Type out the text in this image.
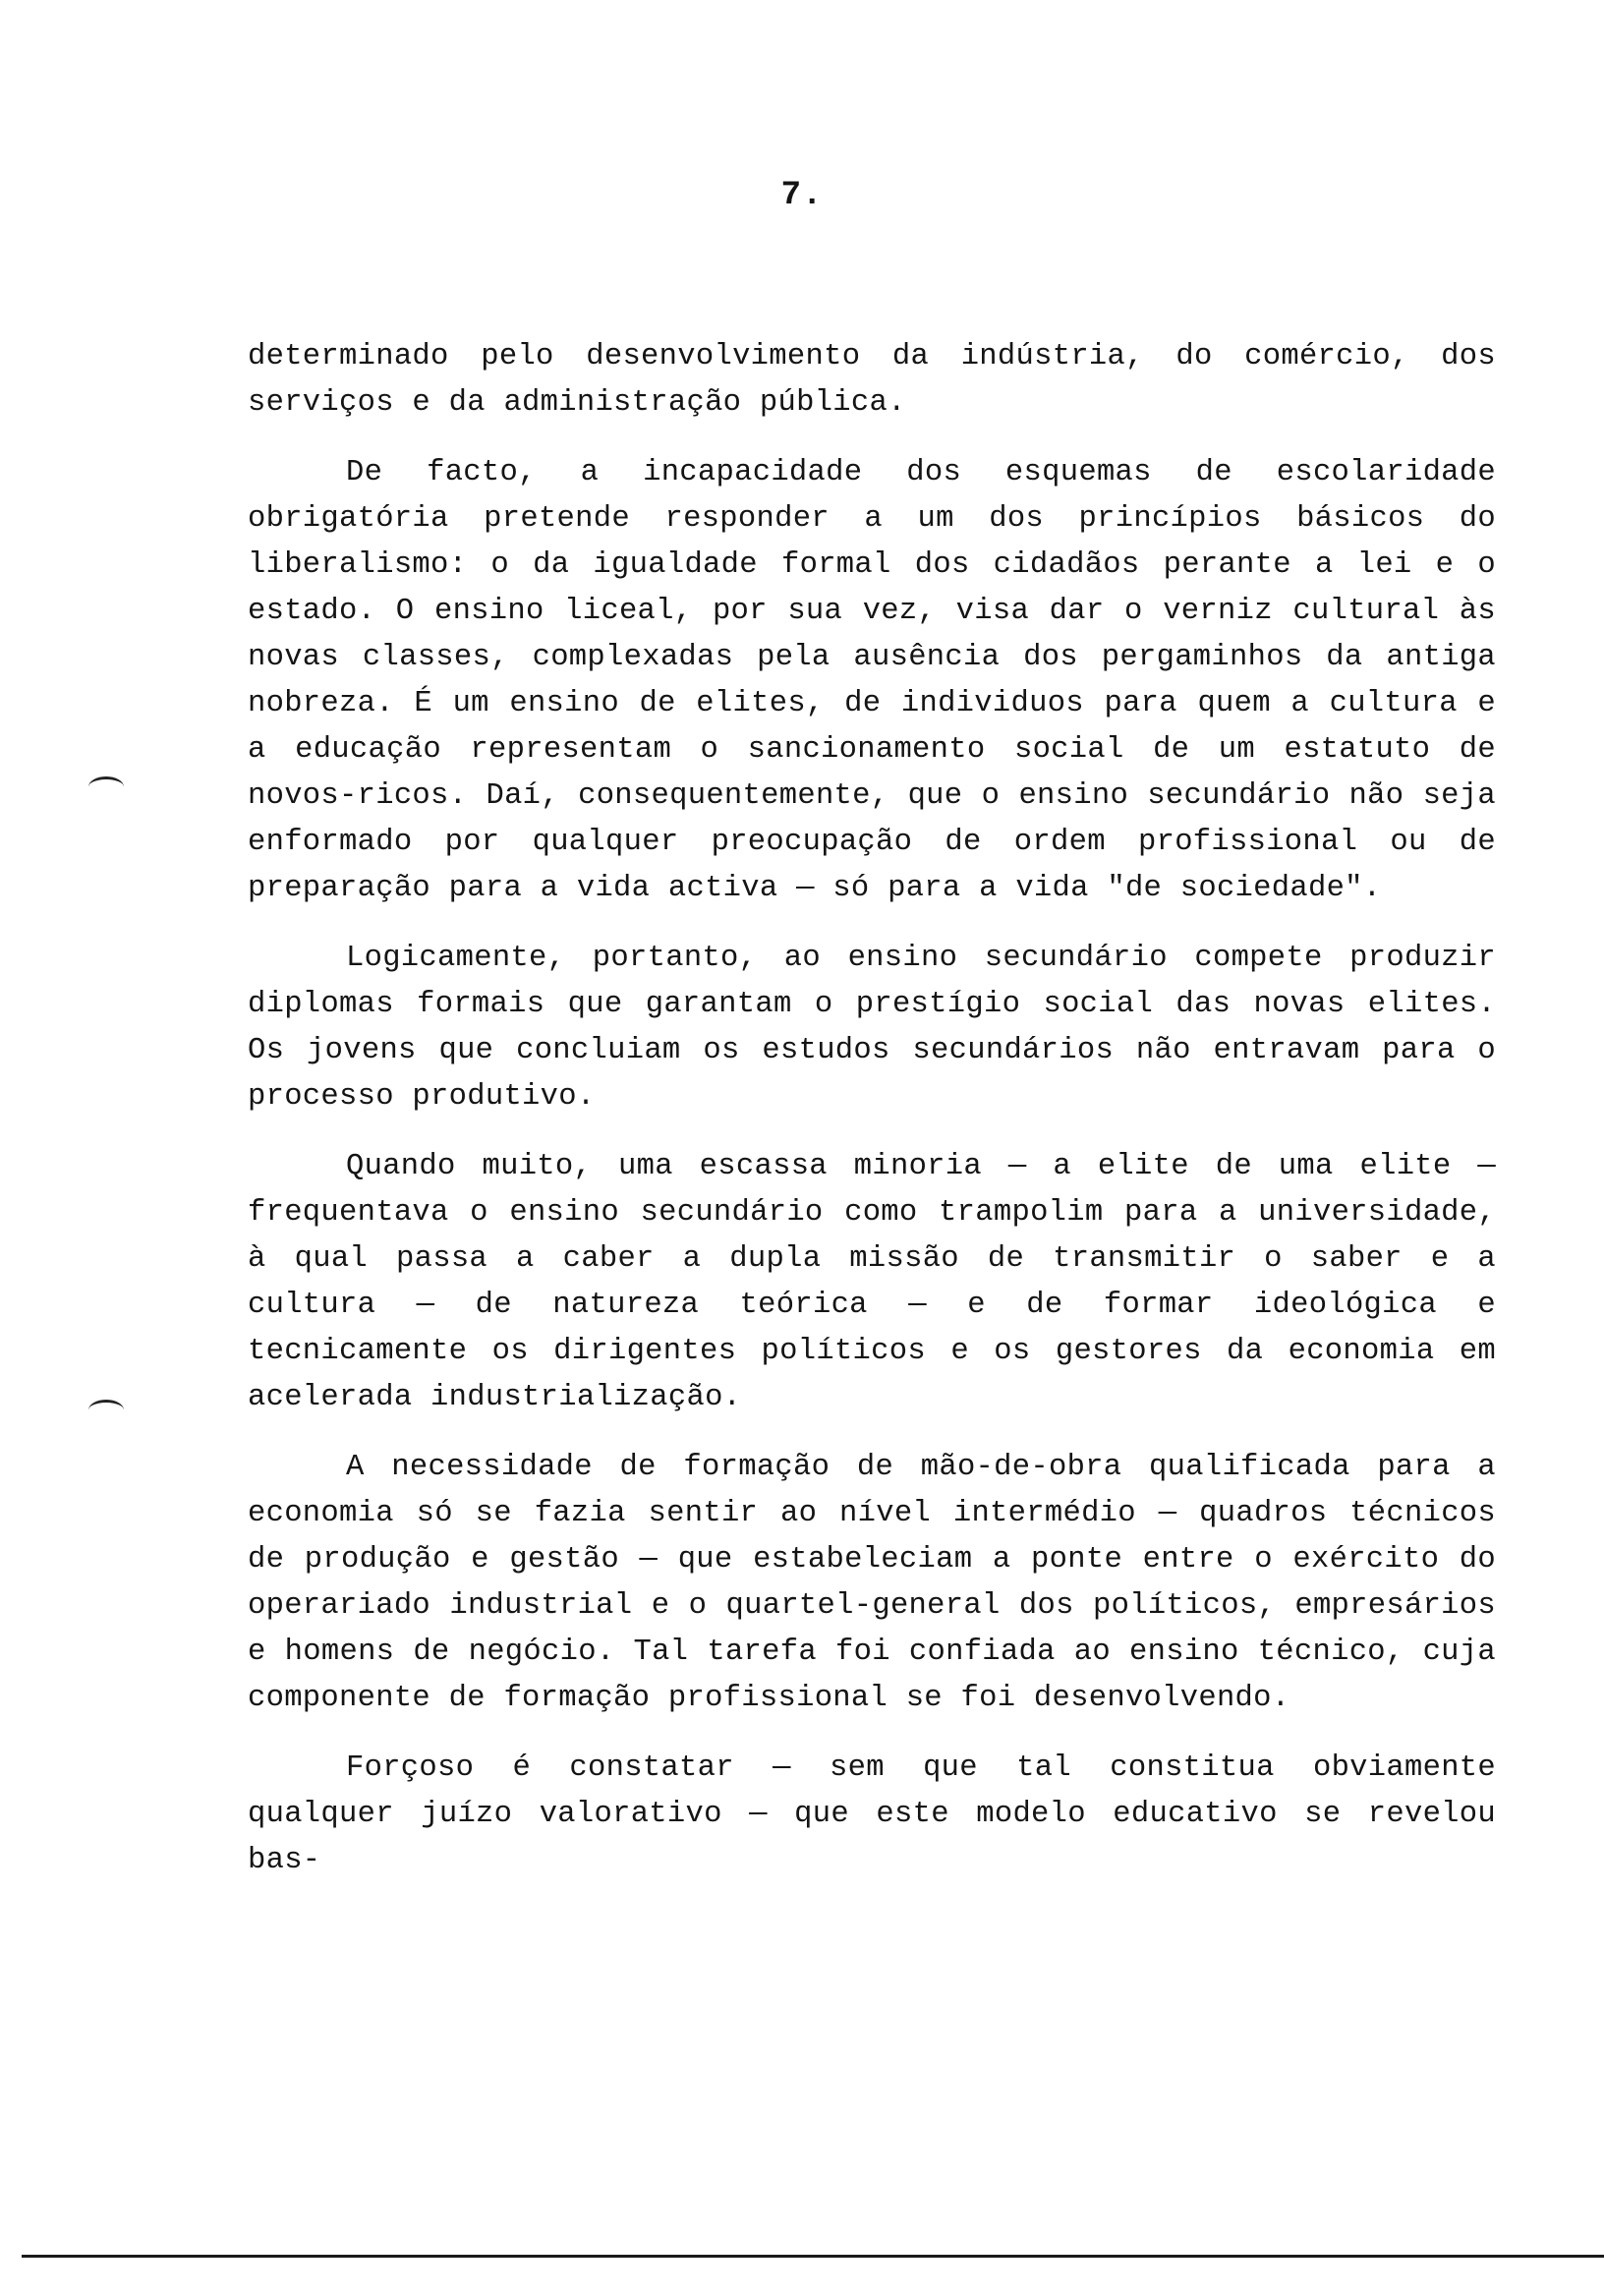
7.

determinado pelo desenvolvimento da indústria, do comércio, dos serviços e da administração pública.

De facto, a incapacidade dos esquemas de escolaridade obrigatória pretende responder a um dos princípios básicos do liberalismo: o da igualdade formal dos cidadãos perante a lei e o estado. O ensino liceal, por sua vez, visa dar o verniz cultural às novas classes, complexadas pela ausência dos pergaminhos da antiga nobreza. É um ensino de elites, de individuos para quem a cultura e a educação representam o sancionamento social de um estatuto de novos-ricos. Daí, consequentemente, que o ensino secundário não seja enformado por qualquer preocupação de ordem profissional ou de preparação para a vida activa — só para a vida "de sociedade".

Logicamente, portanto, ao ensino secundário compete produzir diplomas formais que garantam o prestígio social das novas elites. Os jovens que concluiam os estudos secundários não entravam para o processo produtivo.

Quando muito, uma escassa minoria — a elite de uma elite — frequentava o ensino secundário como trampolim para a universidade, à qual passa a caber a dupla missão de transmitir o saber e a cultura — de natureza teórica — e de formar ideológica e tecnicamente os dirigentes políticos e os gestores da economia em acelerada industrialização.

A necessidade de formação de mão-de-obra qualificada para a economia só se fazia sentir ao nível intermédio — quadros técnicos de produção e gestão — que estabeleciam a ponte entre o exército do operariado industrial e o quartel-general dos políticos, empresários e homens de negócio. Tal tarefa foi confiada ao ensino técnico, cuja componente de formação profissional se foi desenvolvendo.

Forçoso é constatar — sem que tal constitua obviamente qualquer juízo valorativo — que este modelo educativo se revelou bas-
